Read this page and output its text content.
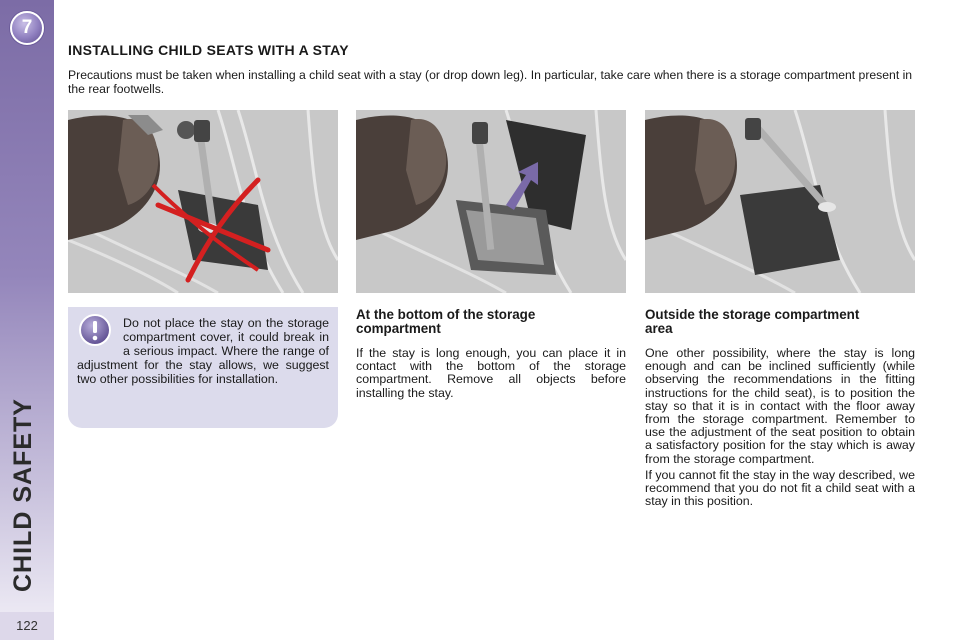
7
CHILD SAFETY
122
INSTALLING CHILD SEATS WITH A STAY

Precautions must be taken when installing a child seat with a stay (or drop down leg). In particular, take care when there is a storage compartment present in the rear footwells.

Do not place the stay on the storage compartment cover, it could break in a serious impact. Where the range of adjustment for the stay allows, we suggest two other possibilities for installation.
At the bottom of the storage compartment

If the stay is long enough, you can place it in contact with the bottom of the storage compartment. Remove all objects before installing the stay.

Outside the storage compartment area

One other possibility, where the stay is long enough and can be inclined sufficiently (while observing the recommendations in the fitting instructions for the child seat), is to position the stay so that it is in contact with the floor away from the storage compartment. Remember to use the adjustment of the seat position to obtain a satisfactory position for the stay which is away from the storage compartment.

If you cannot fit the stay in the way described, we recommend that you do not fit a child seat with a stay in this position.
